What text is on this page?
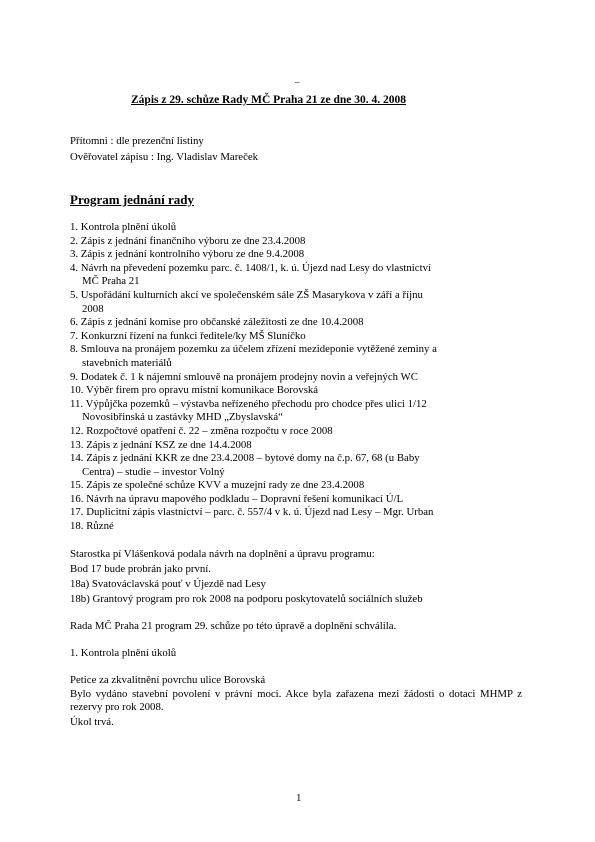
_
Zápis z 29. schůze Rady MČ Praha 21 ze dne 30. 4. 2008
Přítomni : dle prezenční listiny
Ověřovatel zápisu : Ing. Vladislav Mareček
Program jednání rady
1. Kontrola plnění úkolů
2. Zápis z jednání finančního výboru ze dne 23.4.2008
3. Zápis z jednání kontrolního výboru ze dne 9.4.2008
4. Návrh na převedení pozemku parc. č. 1408/1, k. ú. Újezd nad Lesy do vlastnictví
MČ Praha 21
5. Uspořádání kulturních akcí ve společenském sále ZŠ Masarykova v září a říjnu
2008
6. Zápis z jednání komise pro občanské záležitosti ze dne 10.4.2008
7. Konkurzní řízení na funkci ředitele/ky MŠ Sluníčko
8. Smlouva na pronájem pozemku za účelem zřízení mezideponie vytěžené zeminy a
stavebních materiálů
9. Dodatek č. 1 k nájemní smlouvě na pronájem prodejny novin a veřejných WC
10. Výběr firem pro opravu místní komunikace Borovská
11. Výpůjčka pozemků – výstavba neřízeného přechodu pro chodce přes ulici 1/12
Novosibřinská u zastávky MHD „Zbyslavská“
12. Rozpočtové opatření č. 22 – změna rozpočtu v roce 2008
13. Zápis z jednání KSZ ze dne 14.4.2008
14. Zápis z jednání KKR ze dne 23.4.2008 – bytové domy na č.p. 67, 68 (u Baby
Centra) – studie – investor Volný
15. Zápis ze společné schůze KVV a muzejní rady ze dne 23.4.2008
16. Návrh na úpravu mapového podkladu – Dopravní řešení komunikací Ú/L
17. Duplicitní zápis vlastnictví – parc. č. 557/4 v k. ú. Újezd nad Lesy – Mgr. Urban
18. Různé
Starostka pí Vlášenková podala návrh na doplnění a úpravu programu:
Bod 17 bude probrán jako první.
18a) Svatováclavská pouť v Újezdě nad Lesy
18b) Grantový program pro rok 2008 na podporu poskytovatelů sociálních služeb
Rada MČ Praha 21 program 29. schůze po této úpravě a doplnění schválila.
1. Kontrola plnění úkolů
Petice za zkvalitnění povrchu ulice Borovská
Bylo vydáno stavební povolení v právní moci. Akce byla zařazena mezi žádosti o dotaci MHMP z rezervy pro rok 2008.
Úkol trvá.
1
